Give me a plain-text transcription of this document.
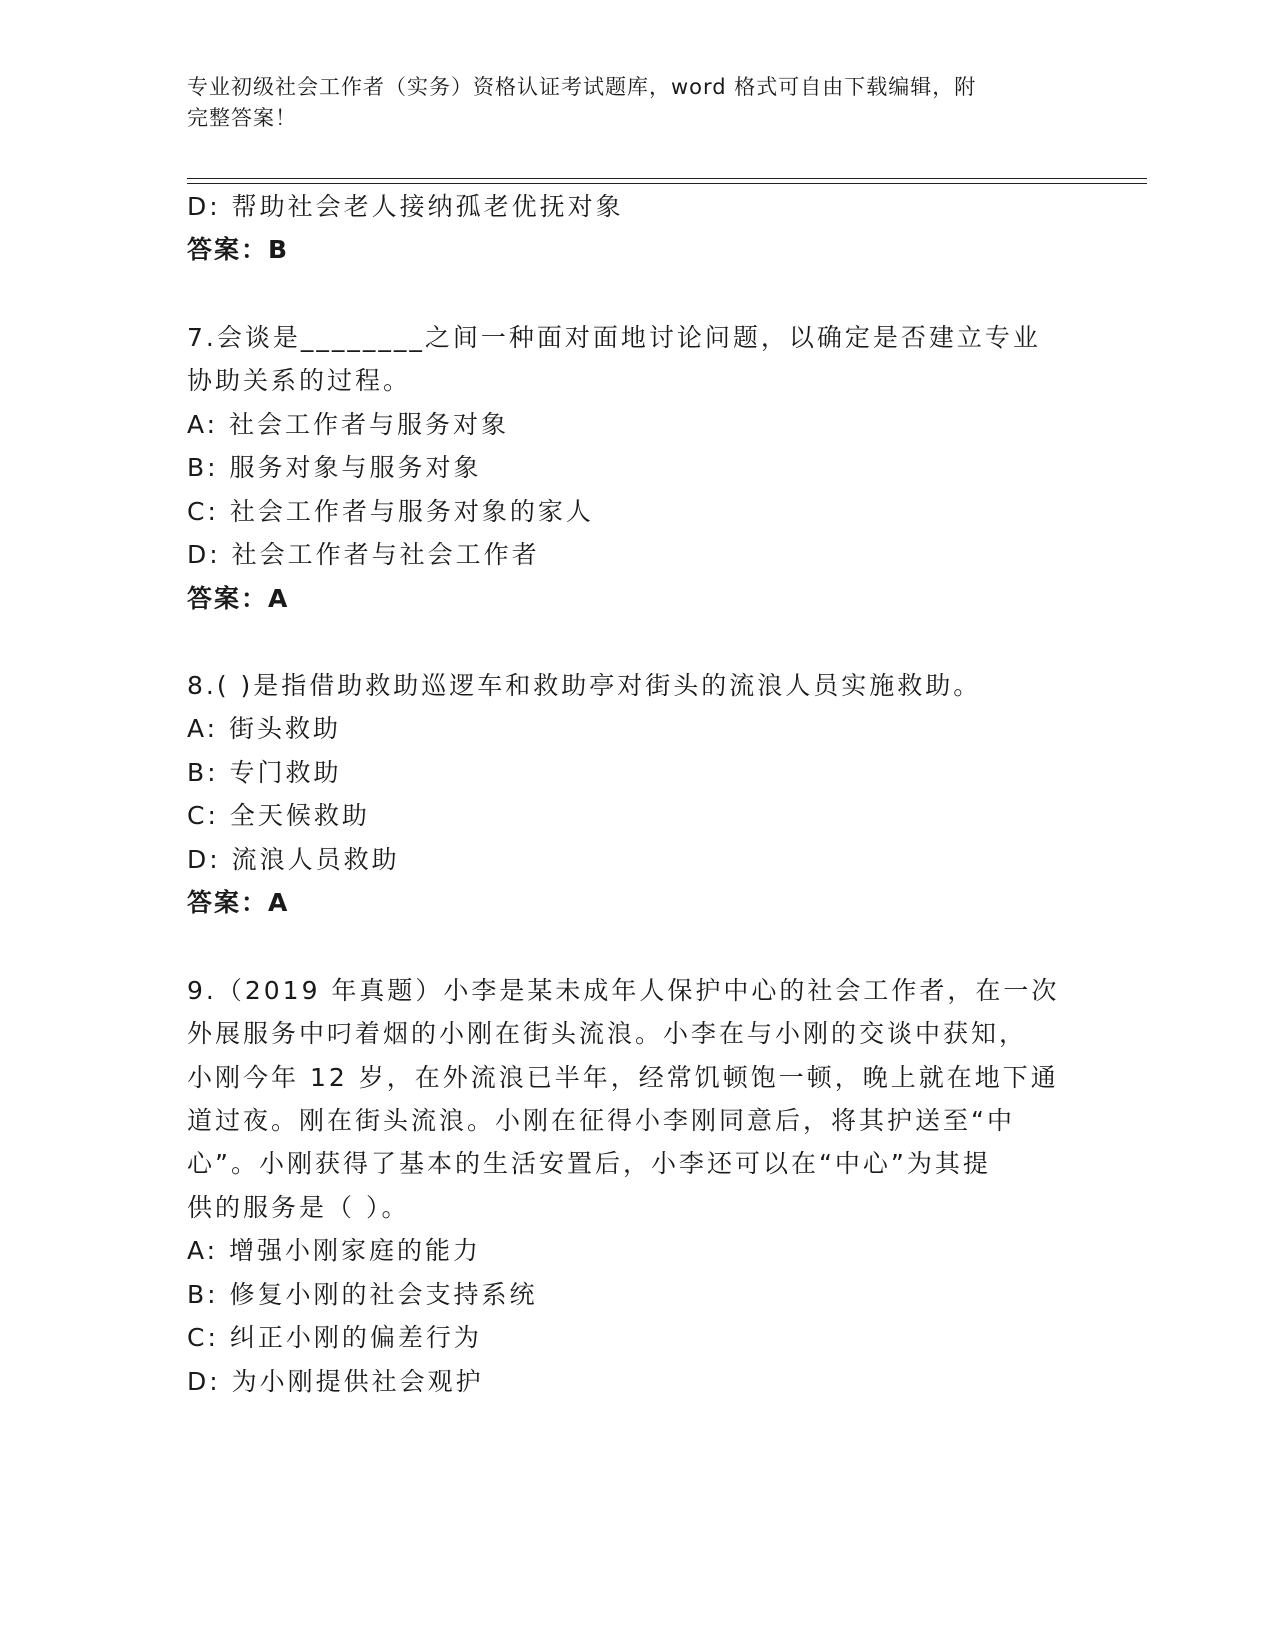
专业初级社会工作者（实务）资格认证考试题库，word 格式可自由下载编辑，附
完整答案！
D: 帮助社会老人接纳孤老优抚对象
答案：B
7.会谈是________之间一种面对面地讨论问题，以确定是否建立专业
协助关系的过程。
A: 社会工作者与服务对象
B: 服务对象与服务对象
C: 社会工作者与服务对象的家人
D: 社会工作者与社会工作者
答案：A
8.( )是指借助救助巡逻车和救助亭对街头的流浪人员实施救助。
A: 街头救助
B: 专门救助
C: 全天候救助
D: 流浪人员救助
答案：A
9.（2019 年真题）小李是某未成年人保护中心的社会工作者，在一次
外展服务中叼着烟的小刚在街头流浪。小李在与小刚的交谈中获知，
小刚今年 12 岁，在外流浪已半年，经常饥顿饱一顿，晚上就在地下通
道过夜。刚在街头流浪。小刚在征得小李刚同意后，将其护送至“中
心”。小刚获得了基本的生活安置后，小李还可以在“中心”为其提
供的服务是（ ）。
A: 增强小刚家庭的能力
B: 修复小刚的社会支持系统
C: 纠正小刚的偏差行为
D: 为小刚提供社会观护
